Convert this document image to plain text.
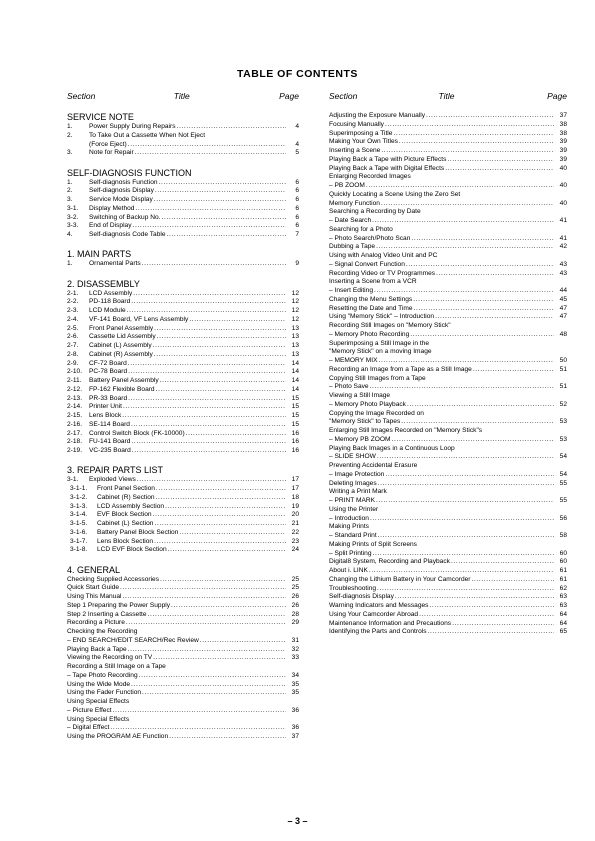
TABLE OF CONTENTS
Section	Title	Page
SERVICE NOTE
1.	Power Supply During Repairs . . .	4
2.	To Take Out a Cassette When Not Eject
(Force Eject) . . .	4
3.	Note for Repair . . .	5
SELF-DIAGNOSIS FUNCTION
1.	Self-diagnosis Function . . .	6
2.	Self-diagnosis Display . . .	6
3.	Service Mode Display . . .	6
3-1.	Display Method . . .	6
3-2.	Switching of Backup No. . . .	6
3-3.	End of Display . . .	6
4.	Self-diagnosis Code Table . . .	7
1. MAIN PARTS
1.	Ornamental Parts . . .	9
2. DISASSEMBLY
2-1.	LCD Assembly . . .	12
2-2.	PD-118 Board . . .	12
2-3.	LCD Module . . .	12
2-4.	VF-141 Board, VF Lens Assembly . . .	12
2-5.	Front Panel Assembly . . .	13
2-6.	Cassette Lid Assembly . . .	13
2-7.	Cabinet (L) Assembly . . .	13
2-8.	Cabinet (R) Assembly . . .	13
2-9.	CF-72 Board . . .	14
2-10.	PC-78 Board . . .	14
2-11.	Battery Panel Assembly . . .	14
2-12.	FP-162 Flexible Board . . .	14
2-13.	PR-33 Board . . .	15
2-14.	Printer Unit . . .	15
2-15.	Lens Block . . .	15
2-16.	SE-114 Board . . .	15
2-17.	Control Switch Block (FK-10000) . . .	16
2-18.	FU-141 Board . . .	16
2-19.	VC-235 Board . . .	16
3. REPAIR PARTS LIST
3-1.	Exploded Views . . .	17
3-1-1.	Front Panel Section . . .	17
3-1-2.	Cabinet (R) Section . . .	18
3-1-3.	LCD Assembly Section . . .	19
3-1-4.	EVF Block Section . . .	20
3-1-5.	Cabinet (L) Section . . .	21
3-1-6.	Battery Panel Block Section . . .	22
3-1-7.	Lens Block Section . . .	23
3-1-8.	LCD EVF Block Section . . .	24
4. GENERAL
Checking Supplied Accessories . . .	25
Quick Start Guide . . .	25
Using This Manual . . .	26
Step 1 Preparing the Power Supply . . .	26
Step 2 Inserting a Cassette . . .	28
Recording a Picture . . .	29
Checking the Recording
– END SEARCH/EDIT SEARCH/Rec Review . . .	31
Playing Back a Tape . . .	32
Viewing the Recording on TV . . .	33
Recording a Still Image on a Tape
– Tape Photo Recording . . .	34
Using the Wide Mode . . .	35
Using the Fader Function . . .	35
Using Special Effects
– Picture Effect . . .	36
Using Special Effects
– Digital Effect . . .	36
Using the PROGRAM AE Function . . .	37
Section	Title	Page
Adjusting the Exposure Manually . . .	37
Focusing Manually . . .	38
Superimposing a Title . . .	38
Making Your Own Titles . . .	39
Inserting a Scene . . .	39
Playing Back a Tape with Picture Effects . . .	39
Playing Back a Tape with Digital Effects . . .	40
Enlarging Recorded Images
– PB ZOOM . . .	40
Quickly Locating a Scene Using the Zero Set
Memory Function . . .	40
Searching a Recording by Date
– Date Search . . .	41
Searching for a Photo
– Photo Search/Photo Scan . . .	41
Dubbing a Tape . . .	42
Using with Analog Video Unit and PC
– Signal Convert Function . . .	43
Recording Video or TV Programmes . . .	43
Inserting a Scene from a VCR
– Insert Editing . . .	44
Changing the Menu Settings . . .	45
Resetting the Date and Time . . .	47
Using "Memory Stick" – Introduction . . .	47
Recording Still Images on "Memory Stick"
– Memory Photo Recording . . .	48
Superimposing a Still Image in the
"Memory Stick" on a moving Image
– MEMORY MIX . . .	50
Recording an Image from a Tape as a Still Image . . .	51
Copying Still Images from a Tape
– Photo Save . . .	51
Viewing a Still Image
– Memory Photo Playback . . .	52
Copying the Image Recorded on
"Memory Stick" to Tapes . . .	53
Enlarging Still Images Recorded on "Memory Stick"s
– Memory PB ZOOM . . .	53
Playing Back Images in a Continuous Loop
– SLIDE SHOW . . .	54
Preventing Accidental Erasure
– Image Protection . . .	54
Deleting Images . . .	55
Writing a Print Mark
– PRINT MARK . . .	55
Using the Printer
– Introduction . . .	56
Making Prints
– Standard Print . . .	58
Making Prints of Split Screens
– Split Printing . . .	60
Digital8 System, Recording and Playback . . .	60
About i. LINK . . .	61
Changing the Lithium Battery in Your Camcorder . . .	61
Troubleshooting . . .	62
Self-diagnosis Display . . .	63
Warning Indicators and Messages . . .	63
Using Your Camcorder Abroad . . .	64
Maintenance Information and Precautions . . .	64
Identifying the Parts and Controls . . .	65
– 3 –
